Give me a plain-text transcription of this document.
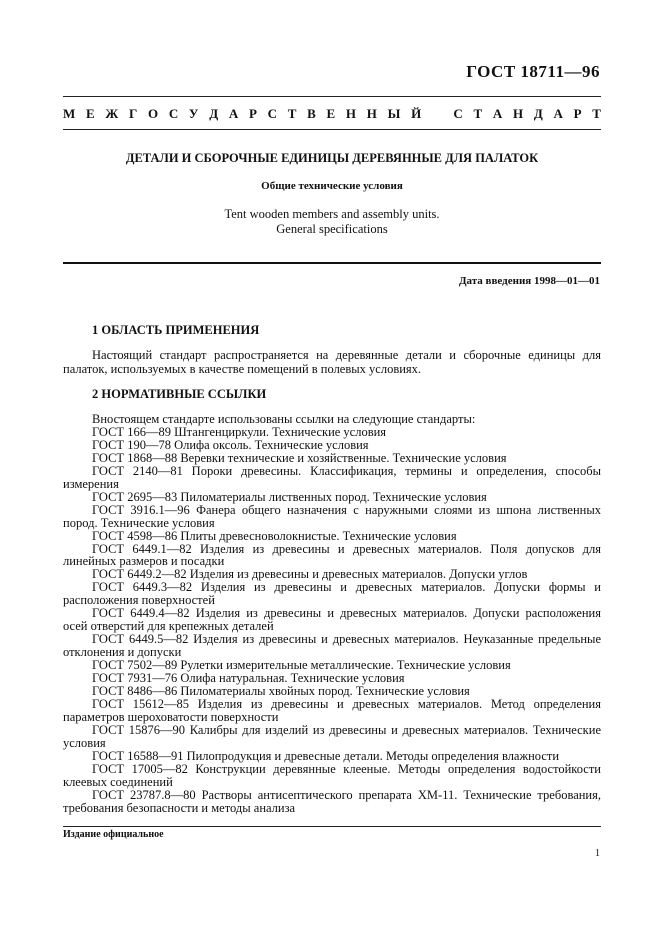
ГОСТ 18711—96
М Е Ж Г О С У Д А Р С Т В Е Н Н Ы Й С Т А Н Д А Р Т
ДЕТАЛИ И СБОРОЧНЫЕ ЕДИНИЦЫ ДЕРЕВЯННЫЕ ДЛЯ ПАЛАТОК
Общие технические условия
Tent wooden members and assembly units.
General specifications
Дата введения 1998—01—01
1 ОБЛАСТЬ ПРИМЕНЕНИЯ
Настоящий стандарт распространяется на деревянные детали и сборочные единицы для палаток, используемых в качестве помещений в полевых условиях.
2 НОРМАТИВНЫЕ ССЫЛКИ
Вностоящем стандарте использованы ссылки на следующие стандарты:
ГОСТ 166—89 Штангенциркули. Технические условия
ГОСТ 190—78 Олифа оксоль. Технические условия
ГОСТ 1868—88 Веревки технические и хозяйственные. Технические условия
ГОСТ 2140—81 Пороки древесины. Классификация, термины и определения, способы измерения
ГОСТ 2695—83 Пиломатериалы лиственных пород. Технические условия
ГОСТ 3916.1—96 Фанера общего назначения с наружными слоями из шпона лиственных пород. Технические условия
ГОСТ 4598—86 Плиты древесноволокнистые. Технические условия
ГОСТ 6449.1—82 Изделия из древесины и древесных материалов. Поля допусков для линейных размеров и посадки
ГОСТ 6449.2—82 Изделия из древесины и древесных материалов. Допуски углов
ГОСТ 6449.3—82 Изделия из древесины и древесных материалов. Допуски формы и расположения поверхностей
ГОСТ 6449.4—82 Изделия из древесины и древесных материалов. Допуски расположения осей отверстий для крепежных деталей
ГОСТ 6449.5—82 Изделия из древесины и древесных материалов. Неуказанные предельные отклонения и допуски
ГОСТ 7502—89 Рулетки измерительные металлические. Технические условия
ГОСТ 7931—76 Олифа натуральная. Технические условия
ГОСТ 8486—86 Пиломатериалы хвойных пород. Технические условия
ГОСТ 15612—85 Изделия из древесины и древесных материалов. Метод определения параметров шероховатости поверхности
ГОСТ 15876—90 Калибры для изделий из древесины и древесных материалов. Технические условия
ГОСТ 16588—91 Пилопродукция и древесные детали. Методы определения влажности
ГОСТ 17005—82 Конструкции деревянные клееные. Методы определения водостойкости клеевых соединений
ГОСТ 23787.8—80 Растворы антисептического препарата ХМ-11. Технические требования, требования безопасности и методы анализа
Издание официальное
1
